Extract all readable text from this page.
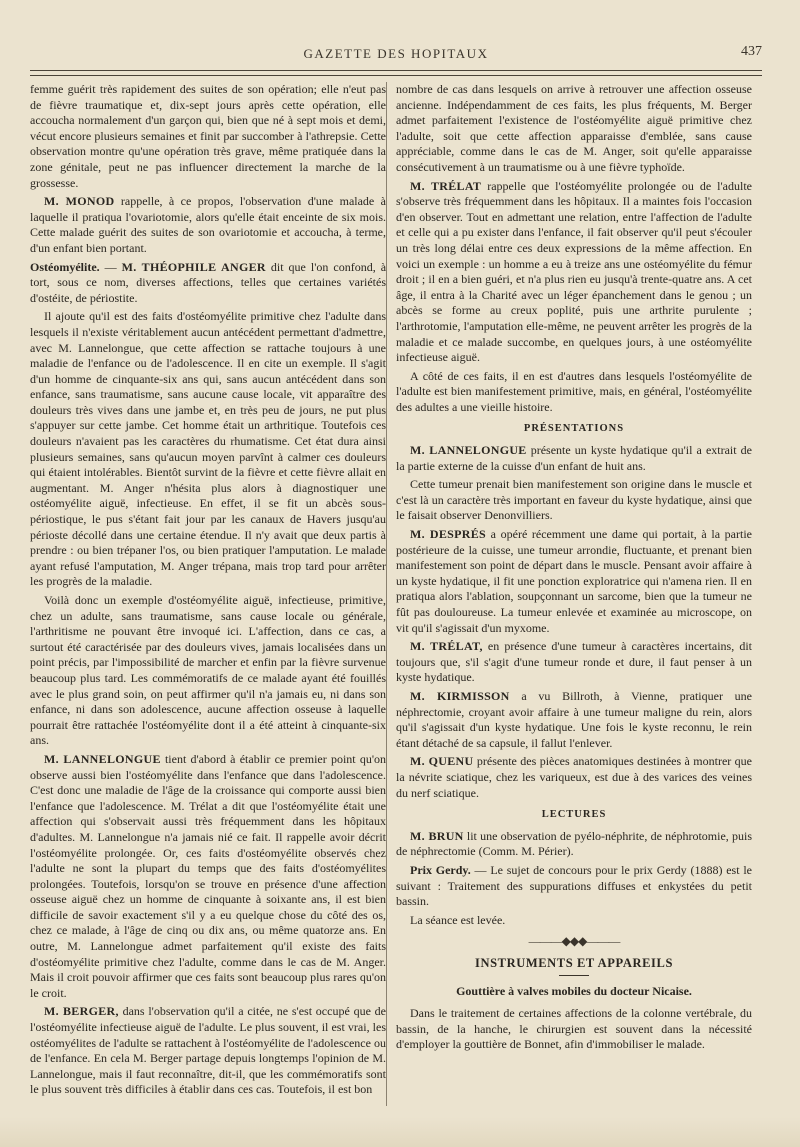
GAZETTE DES HOPITAUX	437

femme guérit très rapidement des suites de son opération; elle n'eut pas de fièvre traumatique et, dix-sept jours après cette opération, elle accoucha normalement d'un garçon qui, bien que né à sept mois et demi, vécut encore plusieurs semaines et finit par succomber à l'athrepsie. Cette observation montre qu'une opération très grave, même pratiquée dans la zone génitale, peut ne pas influencer directement la marche de la grossesse.

M. MONOD rappelle, à ce propos, l'observation d'une malade à laquelle il pratiqua l'ovariotomie, alors qu'elle était enceinte de six mois. Cette malade guérit des suites de son ovariotomie et accoucha, à terme, d'un enfant bien portant.

Ostéomyélite. — M. THÉOPHILE ANGER dit que l'on confond, à tort, sous ce nom, diverses affections, telles que certaines variétés d'ostéite, de périostite.

Il ajoute qu'il est des faits d'ostéomyélite primitive chez l'adulte dans lesquels il n'existe véritablement aucun antécédent permettant d'admettre, avec M. Lannelongue, que cette affection se rattache toujours à une maladie de l'enfance ou de l'adolescence. Il en cite un exemple. Il s'agit d'un homme de cinquante-six ans qui, sans aucun antécédent dans son enfance, sans traumatisme, sans aucune cause locale, vit apparaître des douleurs très vives dans une jambe et, en très peu de jours, ne put plus s'appuyer sur cette jambe. Cet homme était un arthritique. Toutefois ces douleurs n'avaient pas les caractères du rhumatisme. Cet état dura ainsi plusieurs semaines, sans qu'aucun moyen parvînt à calmer ces douleurs qui étaient intolérables. Bientôt survint de la fièvre et cette fièvre allait en augmentant. M. Anger n'hésita plus alors à diagnostiquer une ostéomyélite aiguë, infectieuse. En effet, il se fit un abcès sous-périostique, le pus s'étant fait jour par les canaux de Havers jusqu'au périoste décollé dans une certaine étendue. Il n'y avait que deux partis à prendre : ou bien trépaner l'os, ou bien pratiquer l'amputation. Le malade ayant refusé l'amputation, M. Anger trépana, mais trop tard pour arrêter les progrès de la maladie.

Voilà donc un exemple d'ostéomyélite aiguë, infectieuse, primitive, chez un adulte, sans traumatisme, sans cause locale ou générale, l'arthritisme ne pouvant être invoqué ici. L'affection, dans ce cas, a surtout été caractérisée par des douleurs vives, jamais localisées dans un point précis, par l'impossibilité de marcher et enfin par la fièvre survenue beaucoup plus tard. Les commémoratifs de ce malade ayant été fouillés avec le plus grand soin, on peut affirmer qu'il n'a jamais eu, ni dans son enfance, ni dans son adolescence, aucune affection osseuse à laquelle pourrait être rattachée l'ostéomyélite dont il a été atteint à cinquante-six ans.

M. LANNELONGUE tient d'abord à établir ce premier point qu'on observe aussi bien l'ostéomyélite dans l'enfance que dans l'adolescence. C'est donc une maladie de l'âge de la croissance qui comporte aussi bien l'enfance que l'adolescence. M. Trélat a dit que l'ostéomyélite était une affection qui s'observait aussi très fréquemment dans les hôpitaux d'adultes. M. Lannelongue n'a jamais nié ce fait. Il rappelle avoir décrit l'ostéomyélite prolongée. Or, ces faits d'ostéomyélite observés chez l'adulte ne sont la plupart du temps que des faits d'ostéomyélites prolongées. Toutefois, lorsqu'on se trouve en présence d'une affection osseuse aiguë chez un homme de cinquante à soixante ans, il est bien difficile de savoir exactement s'il y a eu quelque chose du côté des os, chez ce malade, à l'âge de cinq ou dix ans, ou même quatorze ans. En outre, M. Lannelongue admet parfaitement qu'il existe des faits d'ostéomyélite primitive chez l'adulte, comme dans le cas de M. Anger. Mais il croit pouvoir affirmer que ces faits sont beaucoup plus rares qu'on le croit.

M. BERGER, dans l'observation qu'il a citée, ne s'est occupé que de l'ostéomyélite infectieuse aiguë de l'adulte. Le plus souvent, il est vrai, les ostéomyélites de l'adulte se rattachent à l'ostéomyélite de l'adolescence ou de l'enfance. En cela M. Berger partage depuis longtemps l'opinion de M. Lannelongue, mais il faut reconnaître, dit-il, que les commémoratifs sont le plus souvent très difficiles à établir dans ces cas. Toutefois, il est bon

nombre de cas dans lesquels on arrive à retrouver une affection osseuse ancienne. Indépendamment de ces faits, les plus fréquents, M. Berger admet parfaitement l'existence de l'ostéomyélite aiguë primitive chez l'adulte, soit que cette affection apparaisse d'emblée, sans cause appréciable, comme dans le cas de M. Anger, soit qu'elle apparaisse consécutivement à un traumatisme ou à une fièvre typhoïde.

M. TRÉLAT rappelle que l'ostéomyélite prolongée ou de l'adulte s'observe très fréquemment dans les hôpitaux. Il a maintes fois l'occasion d'en observer. Tout en admettant une relation, entre l'affection de l'adulte et celle qui a pu exister dans l'enfance, il fait observer qu'il peut s'écouler un très long délai entre ces deux expressions de la même affection. En voici un exemple : un homme a eu à treize ans une ostéomyélite du fémur droit ; il en a bien guéri, et n'a plus rien eu jusqu'à trente-quatre ans. A cet âge, il entra à la Charité avec un léger épanchement dans le genou ; un abcès se forme au creux poplité, puis une arthrite purulente ; l'arthrotomie, l'amputation elle-même, ne peuvent arrêter les progrès de la maladie et ce malade succombe, en quelques jours, à une ostéomyélite infectieuse aiguë.

A côté de ces faits, il en est d'autres dans lesquels l'ostéomyélite de l'adulte est bien manifestement primitive, mais, en général, l'ostéomyélite des adultes a une vieille histoire.

PRÉSENTATIONS

M. LANNELONGUE présente un kyste hydatique qu'il a extrait de la partie externe de la cuisse d'un enfant de huit ans.

Cette tumeur prenait bien manifestement son origine dans le muscle et c'est là un caractère très important en faveur du kyste hydatique, ainsi que le faisait observer Denonvilliers.

M. DESPRÉS a opéré récemment une dame qui portait, à la partie postérieure de la cuisse, une tumeur arrondie, fluctuante, et prenant bien manifestement son point de départ dans le muscle. Pensant avoir affaire à un kyste hydatique, il fit une ponction exploratrice qui n'amena rien. Il en pratiqua alors l'ablation, soupçonnant un sarcome, bien que la tumeur ne fût pas douloureuse. La tumeur enlevée et examinée au microscope, on vit qu'il s'agissait d'un myxome.

M. TRÉLAT, en présence d'une tumeur à caractères incertains, dit toujours que, s'il s'agit d'une tumeur ronde et dure, il faut penser à un kyste hydatique.

M. KIRMISSON a vu Billroth, à Vienne, pratiquer une néphrectomie, croyant avoir affaire à une tumeur maligne du rein, alors qu'il s'agissait d'un kyste hydatique. Une fois le kyste reconnu, le rein étant détaché de sa capsule, il fallut l'enlever.

M. QUENU présente des pièces anatomiques destinées à montrer que la névrite sciatique, chez les variqueux, est due à des varices des veines du nerf sciatique.

LECTURES

M. BRUN lit une observation de pyélo-néphrite, de néphrotomie, puis de néphrectomie (Comm. M. Périer).

Prix Gerdy. — Le sujet de concours pour le prix Gerdy (1888) est le suivant : Traitement des suppurations diffuses et enkystées du petit bassin.

La séance est levée.

———◆◆◆———
INSTRUMENTS ET APPAREILS
Gouttière à valves mobiles du docteur Nicaise.

Dans le traitement de certaines affections de la colonne vertébrale, du bassin, de la hanche, le chirurgien est souvent dans la nécessité d'employer la gouttière de Bonnet, afin d'immobiliser le malade.
